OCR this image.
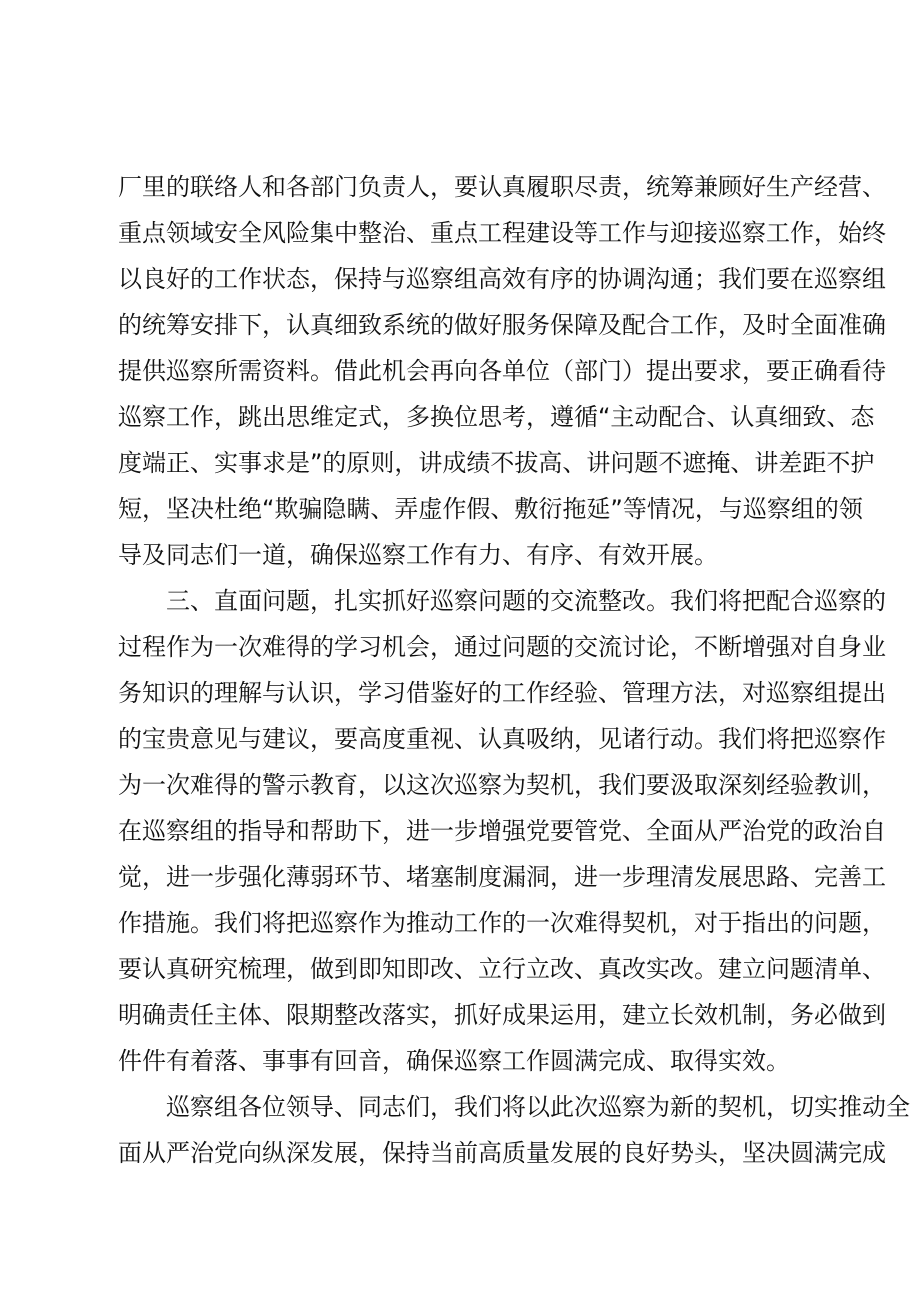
厂里的联络人和各部门负责人，要认真履职尽责，统筹兼顾好生产经营、
重点领域安全风险集中整治、重点工程建设等工作与迎接巡察工作，始终
以良好的工作状态，保持与巡察组高效有序的协调沟通；我们要在巡察组
的统筹安排下，认真细致系统的做好服务保障及配合工作，及时全面准确
提供巡察所需资料。借此机会再向各单位（部门）提出要求，要正确看待
巡察工作，跳出思维定式，多换位思考，遵循“主动配合、认真细致、态
度端正、实事求是”的原则，讲成绩不拔高、讲问题不遮掩、讲差距不护
短，坚决杜绝“欺骗隐瞒、弄虚作假、敷衍拖延”等情况，与巡察组的领
导及同志们一道，确保巡察工作有力、有序、有效开展。
三、直面问题，扎实抓好巡察问题的交流整改。我们将把配合巡察的
过程作为一次难得的学习机会，通过问题的交流讨论，不断增强对自身业
务知识的理解与认识，学习借鉴好的工作经验、管理方法，对巡察组提出
的宝贵意见与建议，要高度重视、认真吸纳，见诸行动。我们将把巡察作
为一次难得的警示教育，以这次巡察为契机，我们要汲取深刻经验教训，
在巡察组的指导和帮助下，进一步增强党要管党、全面从严治党的政治自
觉，进一步强化薄弱环节、堵塞制度漏洞，进一步理清发展思路、完善工
作措施。我们将把巡察作为推动工作的一次难得契机，对于指出的问题，
要认真研究梳理，做到即知即改、立行立改、真改实改。建立问题清单、
明确责任主体、限期整改落实，抓好成果运用，建立长效机制，务必做到
件件有着落、事事有回音，确保巡察工作圆满完成、取得实效。
巡察组各位领导、同志们，我们将以此次巡察为新的契机，切实推动全
面从严治党向纵深发展，保持当前高质量发展的良好势头，坚决圆满完成
